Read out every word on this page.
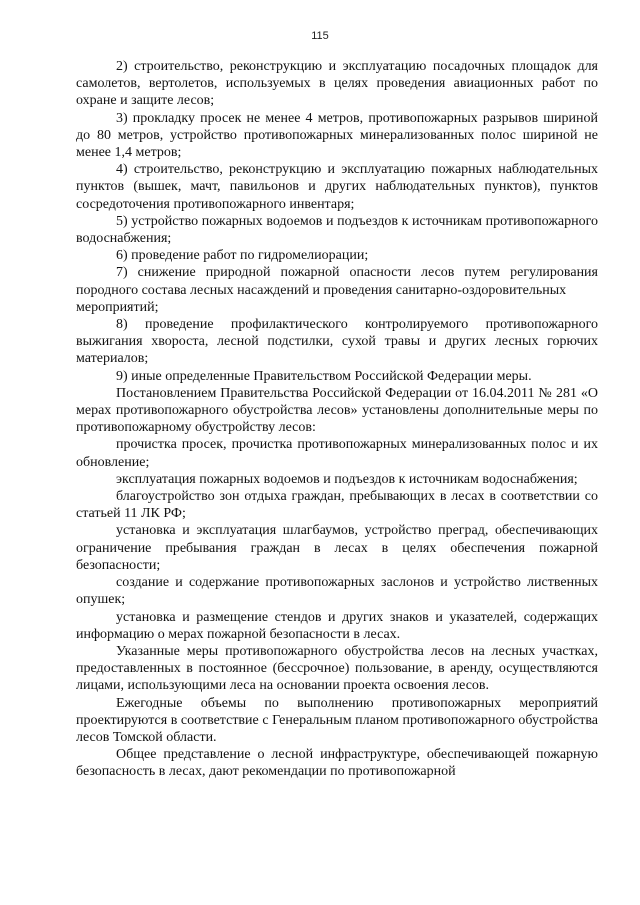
115

2) строительство, реконструкцию и эксплуатацию посадочных площадок для самолетов, вертолетов, используемых в целях проведения авиационных работ по охране и защите лесов;

3) прокладку просек не менее 4 метров, противопожарных разрывов шириной до 80 метров, устройство противопожарных минерализованных полос шириной не менее 1,4 метров;

4) строительство, реконструкцию и эксплуатацию пожарных наблюдательных пунктов (вышек, мачт, павильонов и других наблюдательных пунктов), пунктов сосредоточения противопожарного инвентаря;

5) устройство пожарных водоемов и подъездов к источникам противопожарного водоснабжения;

6) проведение работ по гидромелиорации;

7) снижение природной пожарной опасности лесов путем регулирования породного состава лесных насаждений и проведения санитарно-оздоровительных

мероприятий;

8) проведение профилактического контролируемого противопожарного выжигания хвороста, лесной подстилки, сухой травы и других лесных горючих материалов;

9) иные определенные Правительством Российской Федерации меры.

Постановлением Правительства Российской Федерации от 16.04.2011 № 281 «О мерах противопожарного обустройства лесов» установлены дополнительные меры по противопожарному обустройству лесов:

прочистка просек, прочистка противопожарных минерализованных полос и их обновление;

эксплуатация пожарных водоемов и подъездов к источникам водоснабжения;

благоустройство зон отдыха граждан, пребывающих в лесах в соответствии со статьей 11 ЛК РФ;

установка и эксплуатация шлагбаумов, устройство преград, обеспечивающих ограничение пребывания граждан в лесах в целях обеспечения пожарной безопасности;

создание и содержание противопожарных заслонов и устройство лиственных опушек;

установка и размещение стендов и других знаков и указателей, содержащих информацию о мерах пожарной безопасности в лесах.

Указанные меры противопожарного обустройства лесов на лесных участках, предоставленных в постоянное (бессрочное) пользование, в аренду, осуществляются лицами, использующими леса на основании проекта освоения лесов.

Ежегодные объемы по выполнению противопожарных мероприятий проектируются в соответствие с Генеральным планом противопожарного обустройства лесов Томской области.

Общее представление о лесной инфраструктуре, обеспечивающей пожарную безопасность в лесах, дают рекомендации по противопожарной
